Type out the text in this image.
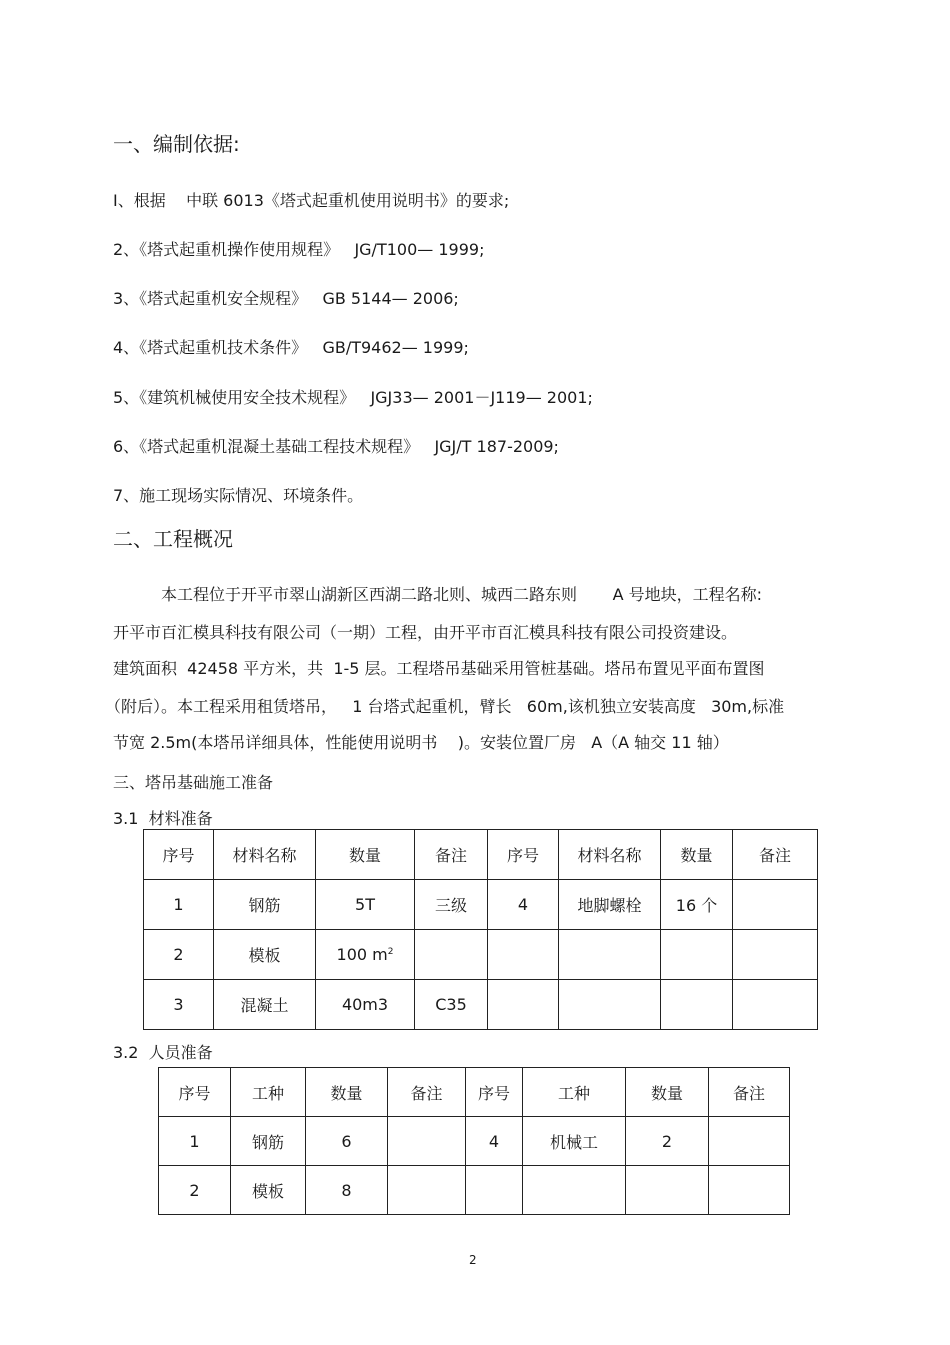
一、编制依据:
I、根据    中联 6013《塔式起重机使用说明书》的要求;
2、《塔式起重机操作使用规程》   JG/T100— 1999;
3、《塔式起重机安全规程》   GB 5144— 2006;
4、《塔式起重机技术条件》   GB/T9462— 1999;
5、《建筑机械使用安全技术规程》   JGJ33— 2001－J119— 2001;
6、《塔式起重机混凝土基础工程技术规程》   JGJ/T 187-2009;
7、施工现场实际情况、环境条件。
二、工程概况
本工程位于开平市翠山湖新区西湖二路北则、城西二路东则       A 号地块，工程名称:
开平市百汇模具科技有限公司（一期）工程，由开平市百汇模具科技有限公司投资建设。
建筑面积  42458 平方米，共  1-5 层。工程塔吊基础采用管桩基础。塔吊布置见平面布置图
（附后）。本工程采用租赁塔吊，   1 台塔式起重机，臂长   60m,该机独立安装高度   30m,标准
节宽 2.5m(本塔吊详细具体，性能使用说明书    )。安装位置厂房   A（A 轴交 11 轴）
三、塔吊基础施工准备
3.1  材料准备
序号	材料名称	数量	备注	序号	材料名称	数量	备注
1	钢筋	5T	三级	4	地脚螺栓	16 个	
2	模板	100 $m^2$					
3	混凝土	40m3	C35				
3.2  人员准备
序号	工种	数量	备注	序号	工种	数量	备注
1	钢筋	6		4	机械工	2	
2	模板	8					
2
